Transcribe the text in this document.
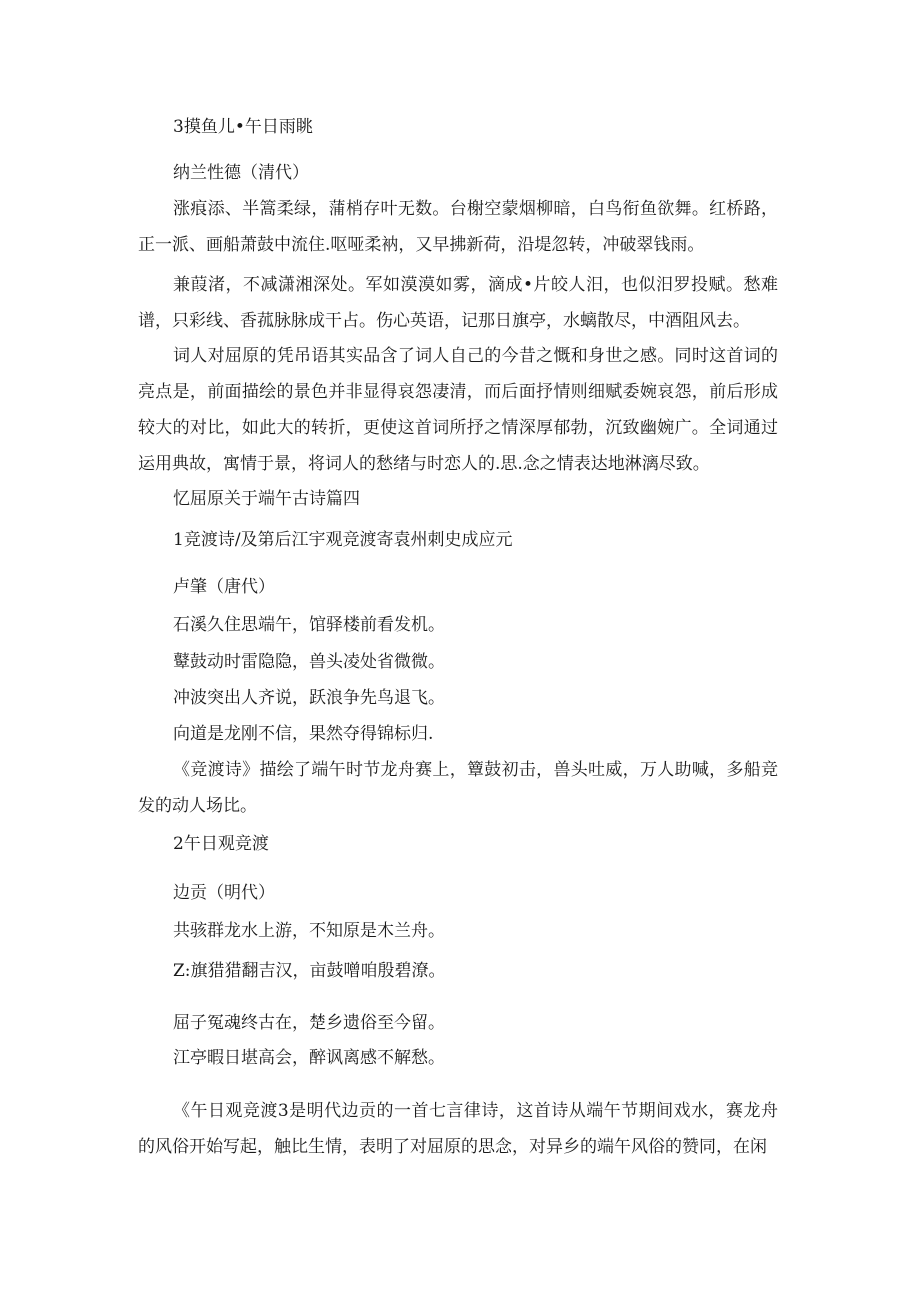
3摸鱼儿•午日雨眺
纳兰性德（清代）
涨痕添、半篙柔绿，蒲梢存叶无数。台榭空蒙烟柳暗，白鸟衔鱼欲舞。红桥路，正一派、画船萧鼓中流住.呕哑柔衲，又早拂新荷，沿堤忽转，冲破翠钱雨。
兼葭渚，不减潇湘深处。军如漠漠如雾，滴成•片皎人汨，也似汨罗投赋。愁难谱，只彩线、香菰脉脉成干占。伤心英语，记那日旗亭，水螭散尽，中酒阻风去。
词人对屈原的凭吊语其实品含了词人自己的今昔之慨和身世之感。同时这首词的亮点是，前面描绘的景色并非显得哀怨凄清，而后面抒情则细赋委婉哀怨，前后形成较大的对比，如此大的转折，更使这首词所抒之情深厚郁勃，沉致幽婉广。全词通过运用典故，寓情于景，将词人的愁绪与时恋人的.思.念之情表达地淋漓尽致。
忆屈原关于端午古诗篇四
1竞渡诗/及第后江宇观竞渡寄袁州刺史成应元
卢肇（唐代）
石溪久住思端午，馆驿楼前看发机。
鼙鼓动时雷隐隐，兽头凌处省微微。
冲波突出人齐说，跃浪争先鸟退飞。
向道是龙刚不信，果然夺得锦标归.
《竞渡诗》描绘了端午时节龙舟赛上，簟鼓初击，兽头吐威，万人助喊，多船竞发的动人场比。
2午日观竞渡
边贡（明代）
共骇群龙水上游，不知原是木兰舟。
Z:旗猎猎翻吉汉，亩鼓噌咱殷碧潦。
屈子冤魂终古在，楚乡遗俗至今留。
江亭暇日堪高会，醉讽离感不解愁。
《午日观竞渡3是明代边贡的一首七言律诗，这首诗从端午节期间戏水，赛龙舟的风俗开始写起，触比生情，表明了对屈原的思念，对异乡的端午风俗的赞同，在闲
